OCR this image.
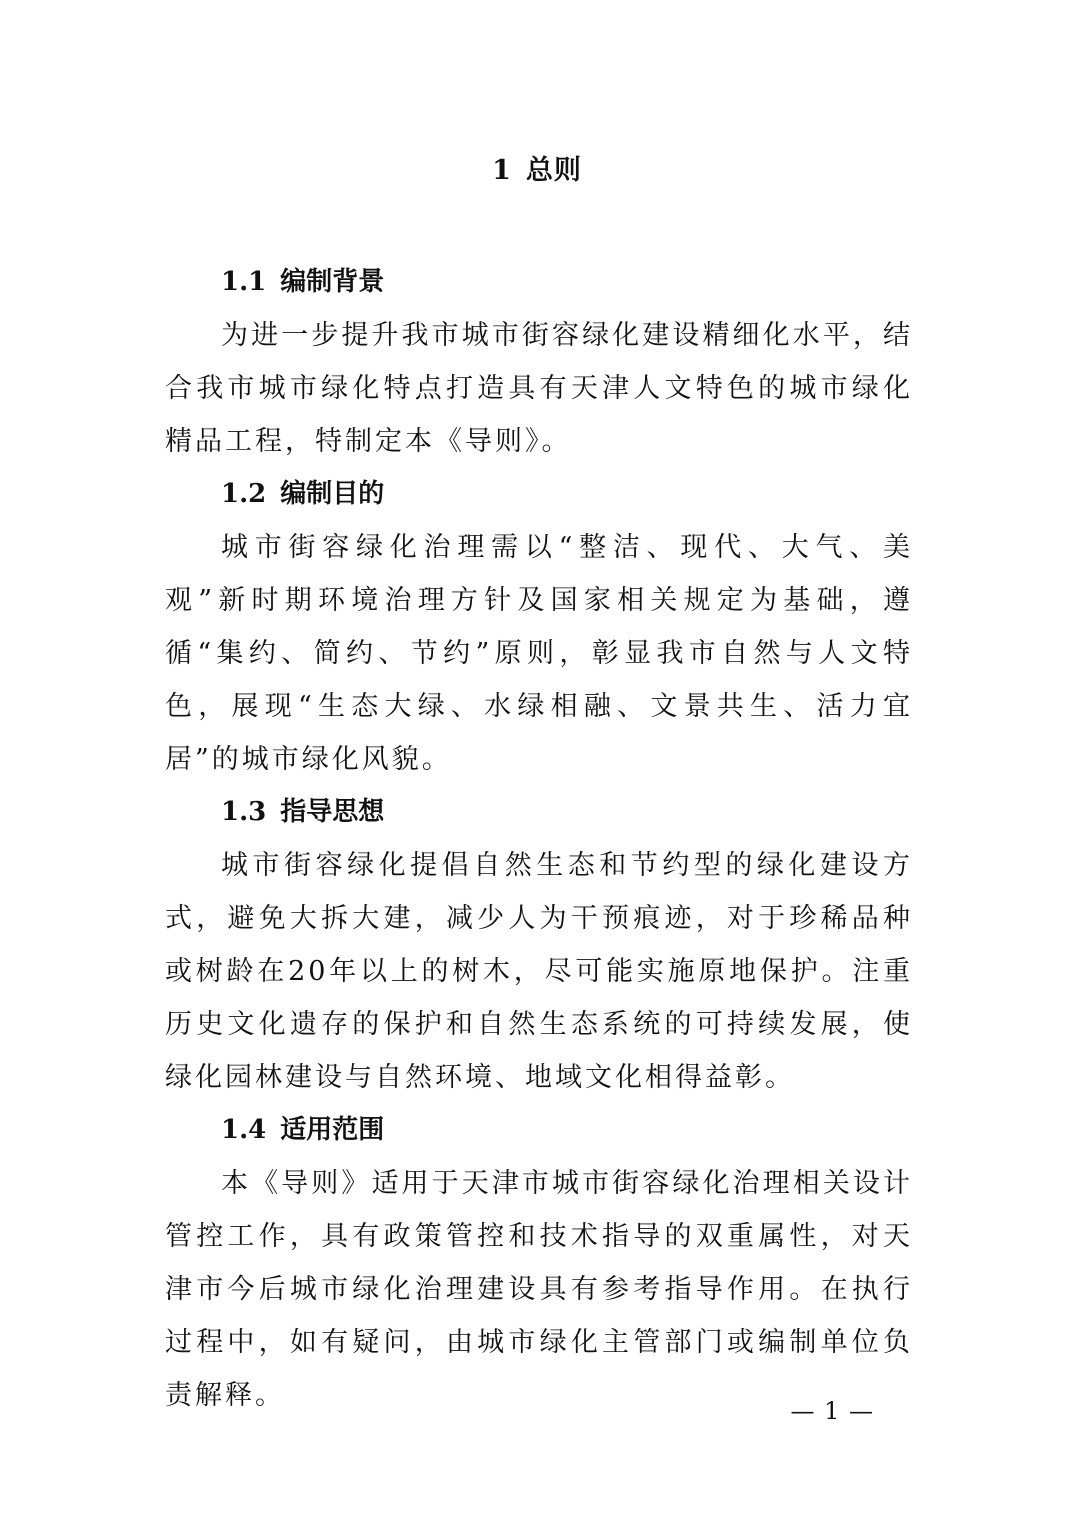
1 总则
1.1 编制背景

为进一步提升我市城市街容绿化建设精细化水平，结合我市城市绿化特点打造具有天津人文特色的城市绿化精品工程，特制定本《导则》。

1.2 编制目的

城市街容绿化治理需以“整洁、现代、大气、美观”新时期环境治理方针及国家相关规定为基础，遵循“集约、简约、节约”原则，彰显我市自然与人文特色，展现“生态大绿、水绿相融、文景共生、活力宜居”的城市绿化风貌。

1.3 指导思想

城市街容绿化提倡自然生态和节约型的绿化建设方式，避免大拆大建，减少人为干预痕迹，对于珍稀品种或树龄在20年以上的树木，尽可能实施原地保护。注重历史文化遗存的保护和自然生态系统的可持续发展，使绿化园林建设与自然环境、地域文化相得益彰。

1.4 适用范围

本《导则》适用于天津市城市街容绿化治理相关设计管控工作，具有政策管控和技术指导的双重属性，对天津市今后城市绿化治理建设具有参考指导作用。在执行过程中，如有疑问，由城市绿化主管部门或编制单位负责解释。	— 1 —
